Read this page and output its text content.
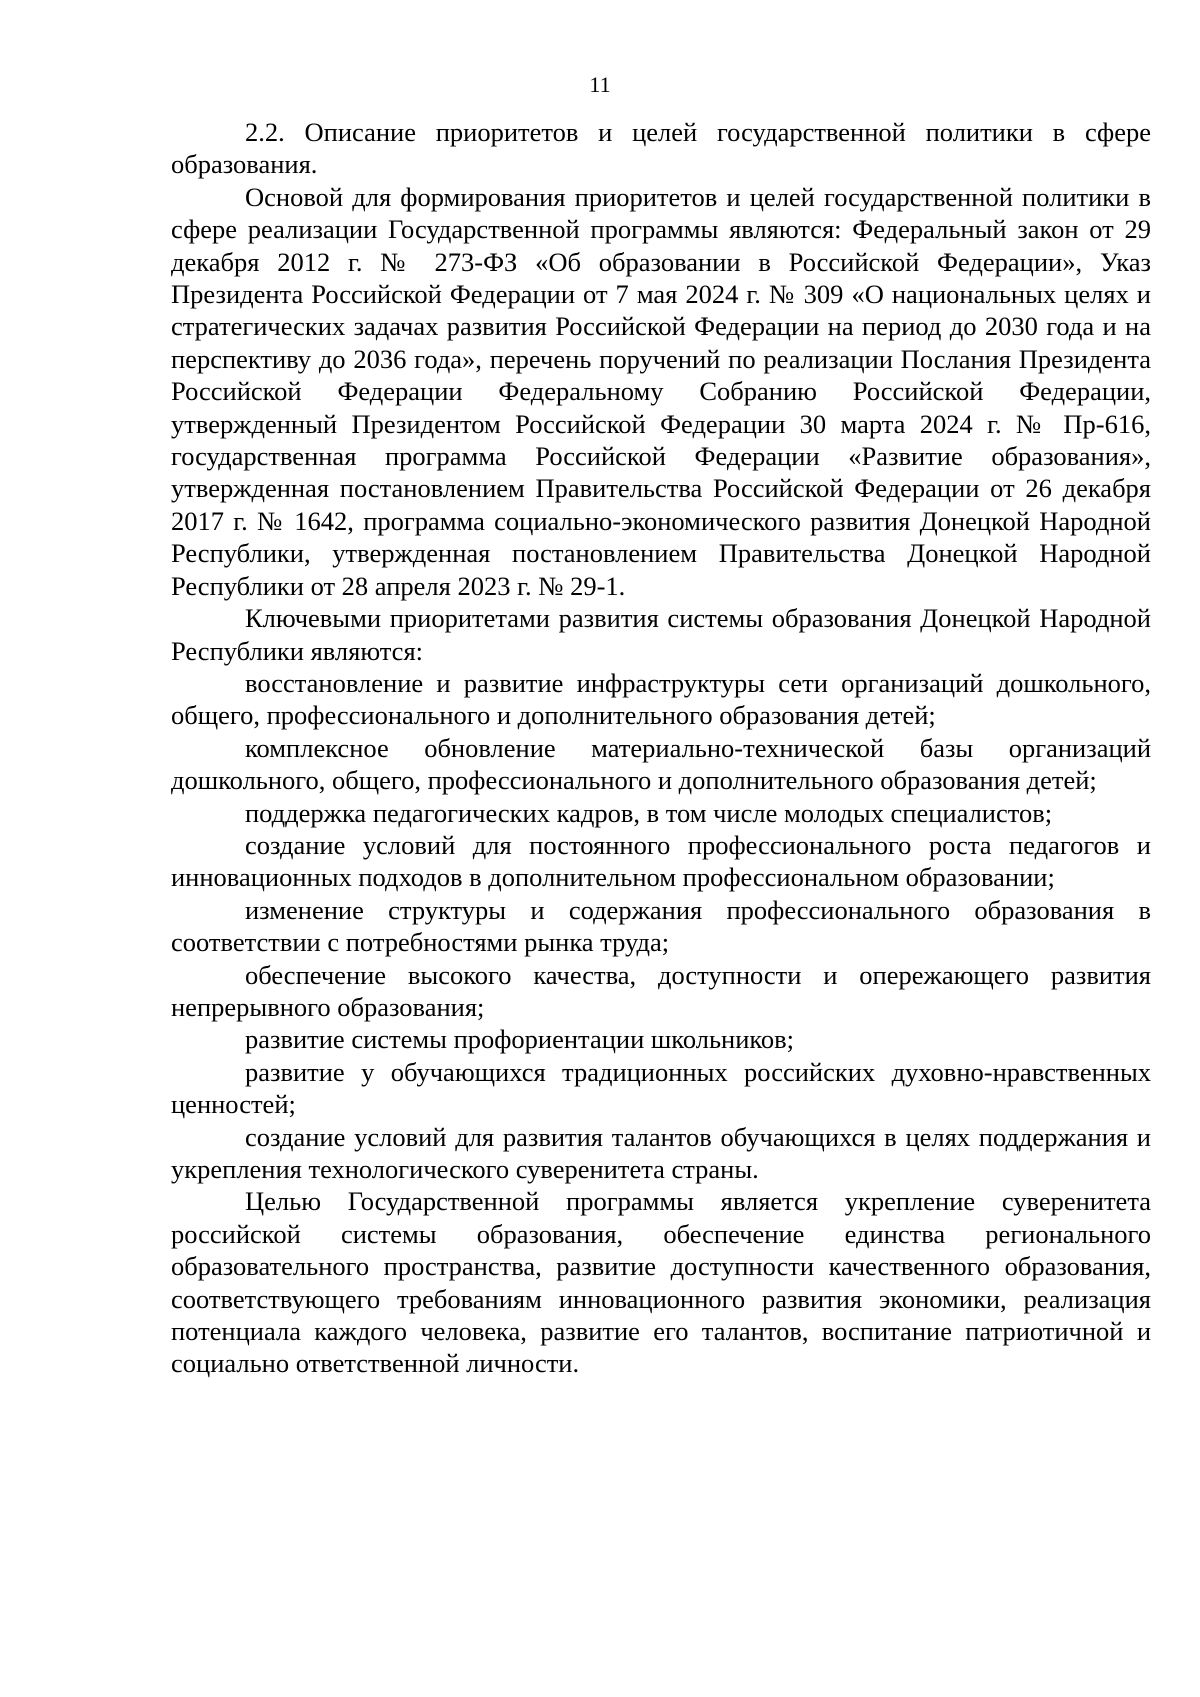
11

2.2. Описание приоритетов и целей государственной политики в сфере образования.

Основой для формирования приоритетов и целей государственной политики в сфере реализации Государственной программы являются: Федеральный закон от 29 декабря 2012 г. № 273-ФЗ «Об образовании в Российской Федерации», Указ Президента Российской Федерации от 7 мая 2024 г. № 309 «О национальных целях и стратегических задачах развития Российской Федерации на период до 2030 года и на перспективу до 2036 года», перечень поручений по реализации Послания Президента Российской Федерации Федеральному Собранию Российской Федерации, утвержденный Президентом Российской Федерации 30 марта 2024 г. № Пр-616, государственная программа Российской Федерации «Развитие образования», утвержденная постановлением Правительства Российской Федерации от 26 декабря 2017 г. № 1642, программа социально-экономического развития Донецкой Народной Республики, утвержденная постановлением Правительства Донецкой Народной Республики от 28 апреля 2023 г. № 29-1.

Ключевыми приоритетами развития системы образования Донецкой Народной Республики являются:

восстановление и развитие инфраструктуры сети организаций дошкольного, общего, профессионального и дополнительного образования детей;

комплексное обновление материально-технической базы организаций дошкольного, общего, профессионального и дополнительного образования детей;

поддержка педагогических кадров, в том числе молодых специалистов;

создание условий для постоянного профессионального роста педагогов и инновационных подходов в дополнительном профессиональном образовании;

изменение структуры и содержания профессионального образования в соответствии с потребностями рынка труда;

обеспечение высокого качества, доступности и опережающего развития непрерывного образования;

развитие системы профориентации школьников;

развитие у обучающихся традиционных российских духовно-нравственных ценностей;

создание условий для развития талантов обучающихся в целях поддержания и укрепления технологического суверенитета страны.

Целью Государственной программы является укрепление суверенитета российской системы образования, обеспечение единства регионального образовательного пространства, развитие доступности качественного образования, соответствующего требованиям инновационного развития экономики, реализация потенциала каждого человека, развитие его талантов, воспитание патриотичной и социально ответственной личности.
